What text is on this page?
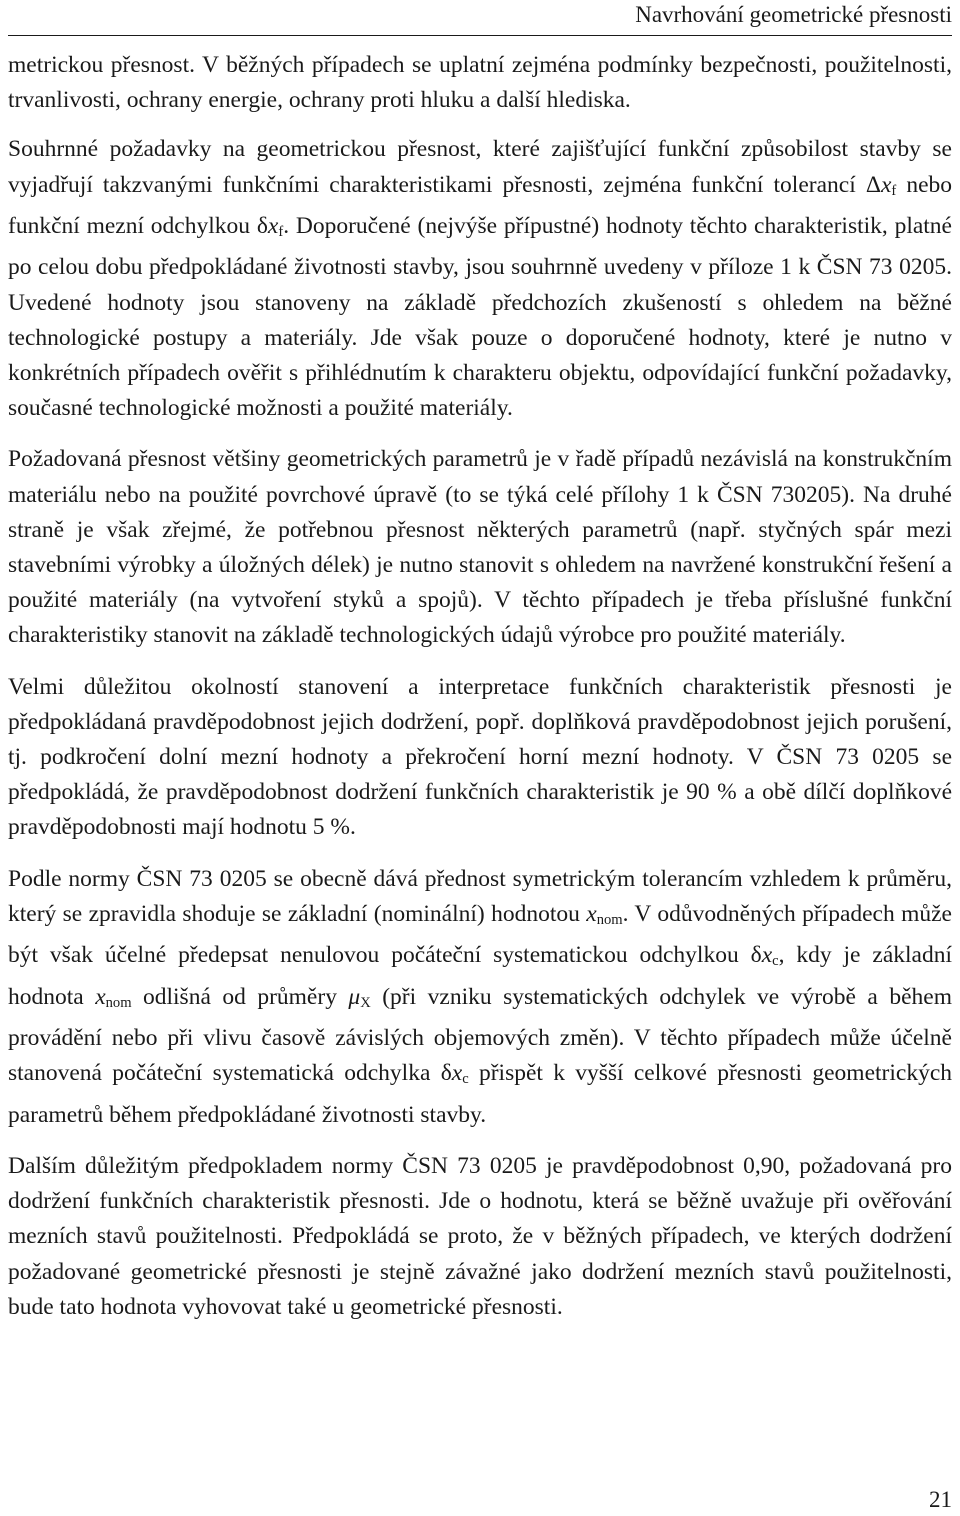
Navrhování geometrické přesnosti

metrickou přesnost. V běžných případech se uplatní zejména podmínky bezpečnosti, použitelnosti, trvanlivosti, ochrany energie, ochrany proti hluku a další hlediska.

Souhrnné požadavky na geometrickou přesnost, které zajišťující funkční způsobilost stavby se vyjadřují takzvanými funkčními charakteristikami přesnosti, zejména funkční tolerancí $\Delta x_f$ nebo funkční mezní odchylkou $\delta x_f$. Doporučené (nejvýše přípustné) hodnoty těchto charakteristik, platné po celou dobu předpokládané životnosti stavby, jsou souhrnně uvedeny v příloze 1 k ČSN 73 0205. Uvedené hodnoty jsou stanoveny na základě předchozích zkušeností s ohledem na běžné technologické postupy a materiály. Jde však pouze o doporučené hodnoty, které je nutno v konkrétních případech ověřit s přihlédnutím k charakteru objektu, odpovídající funkční požadavky, současné technologické možnosti a použité materiály.

Požadovaná přesnost většiny geometrických parametrů je v řadě případů nezávislá na konstrukčním materiálu nebo na použité povrchové úpravě (to se týká celé přílohy 1 k ČSN 730205). Na druhé straně je však zřejmé, že potřebnou přesnost některých parametrů (např. styčných spár mezi stavebními výrobky a úložných délek) je nutno stanovit s ohledem na navržené konstrukční řešení a použité materiály (na vytvoření styků a spojů). V těchto případech je třeba příslušné funkční charakteristiky stanovit na základě technologických údajů výrobce pro použité materiály.

Velmi důležitou okolností stanovení a interpretace funkčních charakteristik přesnosti je předpokládaná pravděpodobnost jejich dodržení, popř. doplňková pravděpodobnost jejich porušení, tj. podkročení dolní mezní hodnoty a překročení horní mezní hodnoty. V ČSN 73 0205 se předpokládá, že pravděpodobnost dodržení funkčních charakteristik je 90 % a obě dílčí doplňkové pravděpodobnosti mají hodnotu 5 %.

Podle normy ČSN 73 0205 se obecně dává přednost symetrickým tolerancím vzhledem k průměru, který se zpravidla shoduje se základní (nominální) hodnotou $x_{nom}$. V odůvodněných případech může být však účelné předepsat nenulovou počáteční systematickou odchylkou $\delta x_c$, kdy je základní hodnota $x_{nom}$ odlišná od průměry $\mu_X$ (při vzniku systematických odchylek ve výrobě a během provádění nebo při vlivu časově závislých objemových změn). V těchto případech může účelně stanovená počáteční systematická odchylka $\delta x_c$ přispět k vyšší celkové přesnosti geometrických parametrů během předpokládané životnosti stavby.

Dalším důležitým předpokladem normy ČSN 73 0205 je pravděpodobnost 0,90, požadovaná pro dodržení funkčních charakteristik přesnosti. Jde o hodnotu, která se běžně uvažuje při ověřování mezních stavů použitelnosti. Předpokládá se proto, že v běžných případech, ve kterých dodržení požadované geometrické přesnosti je stejně závažné jako dodržení mezních stavů použitelnosti, bude tato hodnota vyhovovat také u geometrické přesnosti.

21
